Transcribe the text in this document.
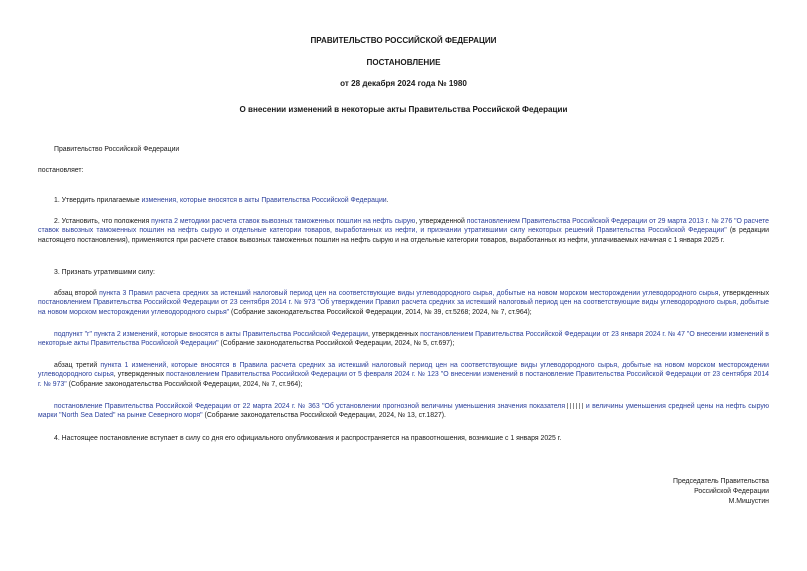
ПРАВИТЕЛЬСТВО РОССИЙСКОЙ ФЕДЕРАЦИИ
ПОСТАНОВЛЕНИЕ
от 28 декабря 2024 года № 1980
О внесении изменений в некоторые акты Правительства Российской Федерации
Правительство Российской Федерации
постановляет:
1. Утвердить прилагаемые изменения, которые вносятся в акты Правительства Российской Федерации.
2. Установить, что положения пункта 2 методики расчета ставок вывозных таможенных пошлин на нефть сырую, утвержденной постановлением Правительства Российской Федерации от 29 марта 2013 г. № 276 "О расчете ставок вывозных таможенных пошлин на нефть сырую и отдельные категории товаров, выработанных из нефти, и признании утратившими силу некоторых решений Правительства Российской Федерации" (в редакции настоящего постановления), применяются при расчете ставок вывозных таможенных пошлин на нефть сырую и на отдельные категории товаров, выработанных из нефти, уплачиваемых начиная с 1 января 2025 г.
3. Признать утратившими силу:
абзац второй пункта 3 Правил расчета средних за истекший налоговый период цен на соответствующие виды углеводородного сырья, добытые на новом морском месторождении углеводородного сырья, утвержденных постановлением Правительства Российской Федерации от 23 сентября 2014 г. № 973 "Об утверждении Правил расчета средних за истекший налоговый период цен на соответствующие виды углеводородного сырья, добытые на новом морском месторождении углеводородного сырья" (Собрание законодательства Российской Федерации, 2014, № 39, ст.5268; 2024, № 7, ст.964);
подпункт "г" пункта 2 изменений, которые вносятся в акты Правительства Российской Федерации, утвержденных постановлением Правительства Российской Федерации от 23 января 2024 г. № 47 "О внесении изменений в некоторые акты Правительства Российской Федерации" (Собрание законодательства Российской Федерации, 2024, № 5, ст.697);
абзац третий пункта 1 изменений, которые вносятся в Правила расчета средних за истекший налоговый период цен на соответствующие виды углеводородного сырья, добытые на новом морском месторождении углеводородного сырья, утвержденных постановлением Правительства Российской Федерации от 5 февраля 2024 г. № 123 "О внесении изменений в постановление Правительства Российской Федерации от 23 сентября 2014 г. № 973" (Собрание законодательства Российской Федерации, 2024, № 7, ст.964);
постановление Правительства Российской Федерации от 22 марта 2024 г. № 363 "Об установлении прогнозной величины уменьшения значения показателя	и величины уменьшения средней цены на нефть сырую марки "North Sea Dated" на рынке Северного моря" (Собрание законодательства Российской Федерации, 2024, № 13, ст.1827).
4. Настоящее постановление вступает в силу со дня его официального опубликования и распространяется на правоотношения, возникшие с 1 января 2025 г.
Председатель Правительства
Российской Федерации
М.Мишустин
